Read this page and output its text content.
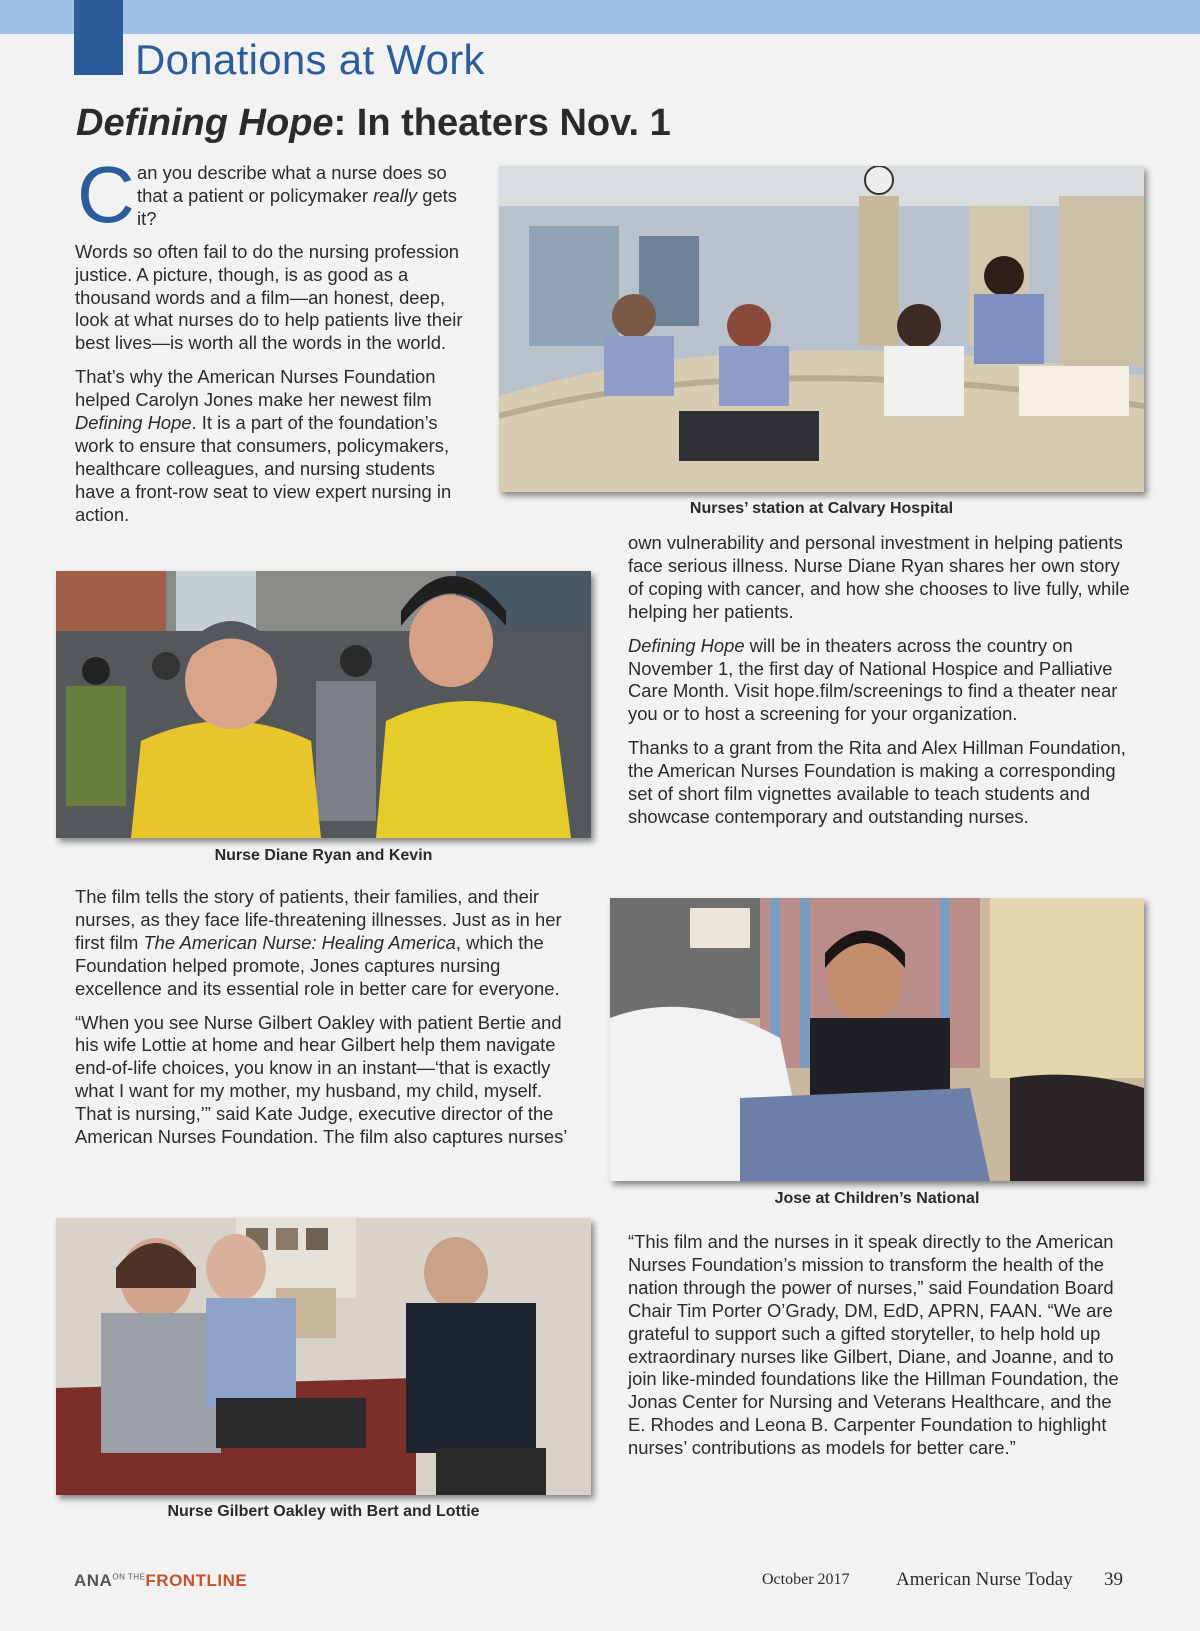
Donations at Work
Defining Hope: In theaters Nov. 1
C an you describe what a nurse does so that a patient or policymaker really gets it?

Words so often fail to do the nursing profession justice. A picture, though, is as good as a thousand words and a film—an honest, deep, look at what nurses do to help patients live their best lives—is worth all the words in the world.

That’s why the American Nurses Foundation helped Carolyn Jones make her newest film Defining Hope. It is a part of the foundation’s work to ensure that consumers, policymakers, healthcare colleagues, and nursing students have a front-row seat to view expert nursing in action.	Nurses’ station at Calvary Hospital
Nurse Diane Ryan and Kevin

The film tells the story of patients, their families, and their nurses, as they face life-threatening illnesses. Just as in her first film The American Nurse: Healing America, which the Foundation helped promote, Jones captures nursing excellence and its essential role in better care for everyone.

“When you see Nurse Gilbert Oakley with patient Bertie and his wife Lottie at home and hear Gilbert help them navigate end-of-life choices, you know in an instant—‘that is exactly what I want for my mother, my husband, my child, myself. That is nursing,’” said Kate Judge, executive director of the American Nurses Foundation. The film also captures nurses’

Nurse Gilbert Oakley with Bert and Lottie

own vulnerability and personal investment in helping patients face serious illness. Nurse Diane Ryan shares her own story of coping with cancer, and how she chooses to live fully, while helping her patients.

Defining Hope will be in theaters across the country on November 1, the first day of National Hospice and Palliative Care Month. Visit hope.film/screenings to find a theater near you or to host a screening for your organization.

Thanks to a grant from the Rita and Alex Hillman Foundation, the American Nurses Foundation is making a corresponding set of short film vignettes available to teach students and showcase contemporary and outstanding nurses.

Jose at Children’s National

“This film and the nurses in it speak directly to the American Nurses Foundation’s mission to transform the health of the nation through the power of nurses,” said Foundation Board Chair Tim Porter O’Grady, DM, EdD, APRN, FAAN. “We are grateful to support such a gifted storyteller, to help hold up extraordinary nurses like Gilbert, Diane, and Joanne, and to join like-minded foundations like the Hillman Foundation, the Jonas Center for Nursing and Veterans Healthcare, and the E. Rhodes and Leona B. Carpenter Foundation to highlight nurses’ contributions as models for better care.”

$ANA^{ON THE}FRONTLINE$	October 2017 American Nurse Today 39
